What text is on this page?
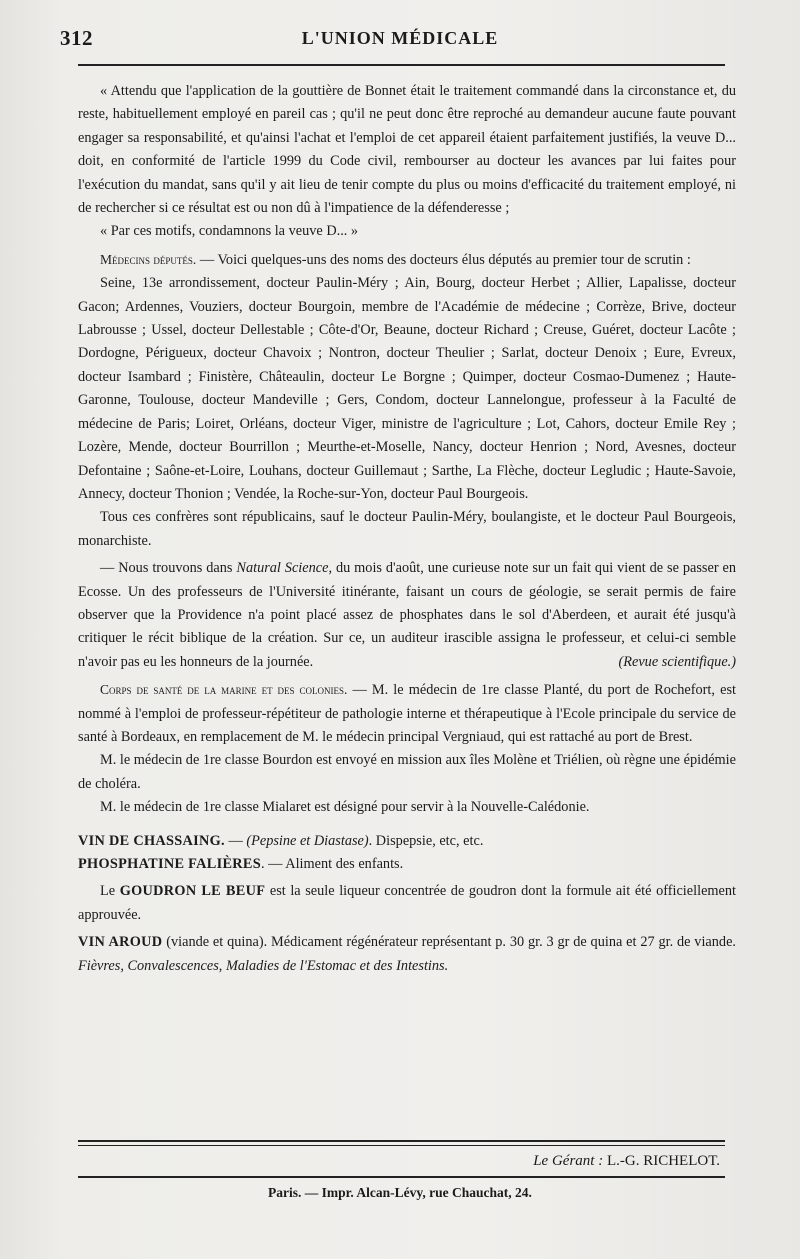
312	L'UNION MÉDICALE

« Attendu que l'application de la gouttière de Bonnet était le traitement commandé dans la circonstance et, du reste, habituellement employé en pareil cas ; qu'il ne peut donc être reproché au demandeur aucune faute pouvant engager sa responsabilité, et qu'ainsi l'achat et l'emploi de cet appareil étaient parfaitement justifiés, la veuve D... doit, en conformité de l'article 1999 du Code civil, rembourser au docteur les avances par lui faites pour l'exécution du mandat, sans qu'il y ait lieu de tenir compte du plus ou moins d'efficacité du traitement employé, ni de rechercher si ce résultat est ou non dû à l'impatience de la défenderesse ;

« Par ces motifs, condamnons la veuve D... »

Médecins députés. — Voici quelques-uns des noms des docteurs élus députés au premier tour de scrutin :

Seine, 13e arrondissement, docteur Paulin-Méry ; Ain, Bourg, docteur Herbet ; Allier, Lapalisse, docteur Gacon; Ardennes, Vouziers, docteur Bourgoin, membre de l'Académie de médecine ; Corrèze, Brive, docteur Labrousse ; Ussel, docteur Dellestable ; Côte-d'Or, Beaune, docteur Richard ; Creuse, Guéret, docteur Lacôte ; Dordogne, Périgueux, docteur Chavoix ; Nontron, docteur Theulier ; Sarlat, docteur Denoix ; Eure, Evreux, docteur Isambard ; Finistère, Châteaulin, docteur Le Borgne ; Quimper, docteur Cosmao-Dumenez ; Haute-Garonne, Toulouse, docteur Mandeville ; Gers, Condom, docteur Lannelongue, professeur à la Faculté de médecine de Paris; Loiret, Orléans, docteur Viger, ministre de l'agriculture ; Lot, Cahors, docteur Emile Rey ; Lozère, Mende, docteur Bourrillon ; Meurthe-et-Moselle, Nancy, docteur Henrion ; Nord, Avesnes, docteur Defontaine ; Saône-et-Loire, Louhans, docteur Guillemaut ; Sarthe, La Flèche, docteur Legludic ; Haute-Savoie, Annecy, docteur Thonion ; Vendée, la Roche-sur-Yon, docteur Paul Bourgeois.

Tous ces confrères sont républicains, sauf le docteur Paulin-Méry, boulangiste, et le docteur Paul Bourgeois, monarchiste.

— Nous trouvons dans Natural Science, du mois d'août, une curieuse note sur un fait qui vient de se passer en Ecosse. Un des professeurs de l'Université itinérante, faisant un cours de géologie, se serait permis de faire observer que la Providence n'a point placé assez de phosphates dans le sol d'Aberdeen, et aurait été jusqu'à critiquer le récit biblique de la création. Sur ce, un auditeur irascible assigna le professeur, et celui-ci semble n'avoir pas eu les honneurs de la journée.	(Revue scientifique.)

Corps de santé de la marine et des colonies. — M. le médecin de 1re classe Planté, du port de Rochefort, est nommé à l'emploi de professeur-répétiteur de pathologie interne et thérapeutique à l'Ecole principale du service de santé à Bordeaux, en remplacement de M. le médecin principal Vergniaud, qui est rattaché au port de Brest.

M. le médecin de 1re classe Bourdon est envoyé en mission aux îles Molène et Triélien, où règne une épidémie de choléra.

M. le médecin de 1re classe Mialaret est désigné pour servir à la Nouvelle-Calédonie.

VIN DE CHASSAING. — (Pepsine et Diastase). Dispepsie, etc, etc.

PHOSPHATINE FALIÈRES. — Aliment des enfants.

Le GOUDRON LE BEUF est la seule liqueur concentrée de goudron dont la formule ait été officiellement approuvée.

VIN AROUD (viande et quina). Médicament régénérateur représentant p. 30 gr. 3 gr de quina et 27 gr. de viande. Fièvres, Convalescences, Maladies de l'Estomac et des Intestins.

Le Gérant : L.-G. RICHELOT.
Paris. — Impr. Alcan-Lévy, rue Chauchat, 24.
